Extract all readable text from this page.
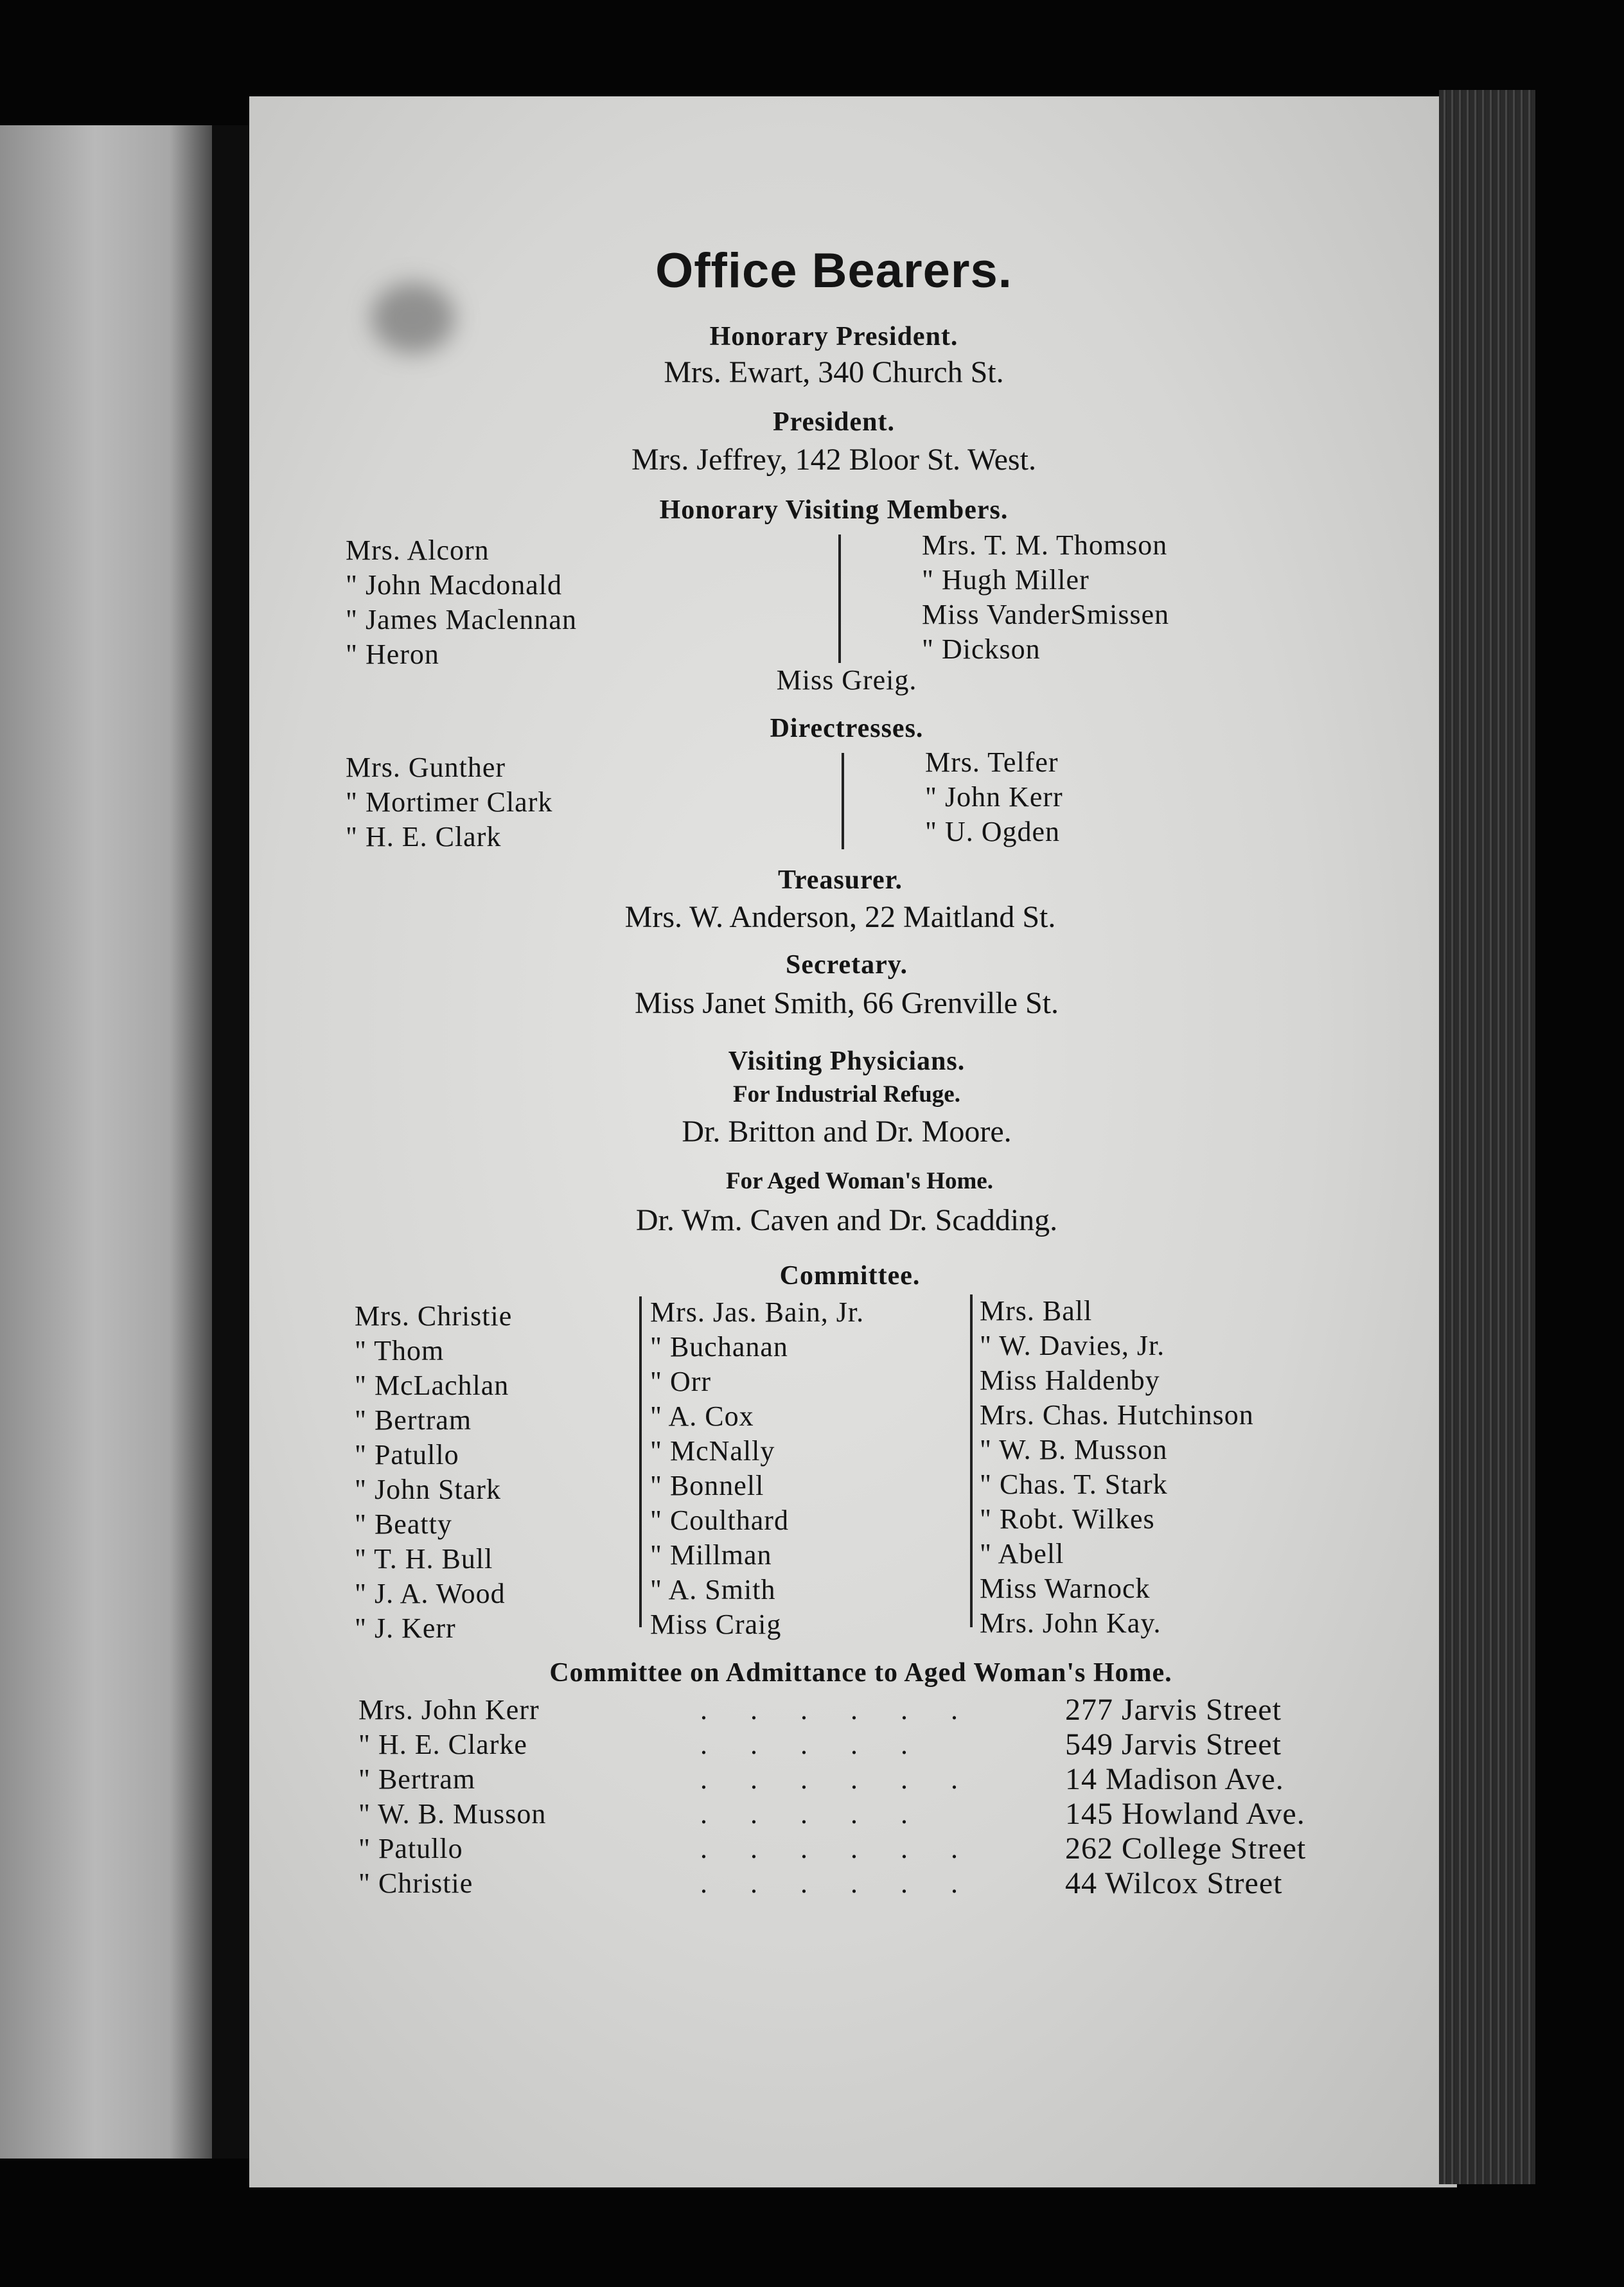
Office Bearers.
Honorary President.
Mrs. Ewart, 340 Church St.
President.
Mrs. Jeffrey, 142 Bloor St. West.
Honorary Visiting Members.
Mrs. Alcorn
" John Macdonald
" James Maclennan
" Heron
Mrs. T. M. Thomson
" Hugh Miller
Miss VanderSmissen
" Dickson
Miss Greig.
Directresses.
Mrs. Gunther
" Mortimer Clark
" H. E. Clark
Mrs. Telfer
" John Kerr
" U. Ogden
Treasurer.
Mrs. W. Anderson, 22 Maitland St.
Secretary.
Miss Janet Smith, 66 Grenville St.
Visiting Physicians.
For Industrial Refuge.
Dr. Britton and Dr. Moore.
For Aged Woman's Home.
Dr. Wm. Caven and Dr. Scadding.
Committee.
Mrs. Christie
" Thom
" McLachlan
" Bertram
" Patullo
" John Stark
" Beatty
" T. H. Bull
" J. A. Wood
" J. Kerr
Mrs. Jas. Bain, Jr.
" Buchanan
" Orr
" A. Cox
" McNally
" Bonnell
" Coulthard
" Millman
" A. Smith
Miss Craig
Mrs. Ball
" W. Davies, Jr.
Miss Haldenby
Mrs. Chas. Hutchinson
" W. B. Musson
" Chas. T. Stark
" Robt. Wilkes
" Abell
Miss Warnock
Mrs. John Kay.
Committee on Admittance to Aged Woman's Home.
Mrs. John Kerr
" H. E. Clarke
" Bertram
" W. B. Musson
" Patullo
" Christie
. . . . . .
. . . . .
. . . . . .
. . . . .
. . . . . .
. . . . . .
277 Jarvis Street
549 Jarvis Street
14 Madison Ave.
145 Howland Ave.
262 College Street
44 Wilcox Street
